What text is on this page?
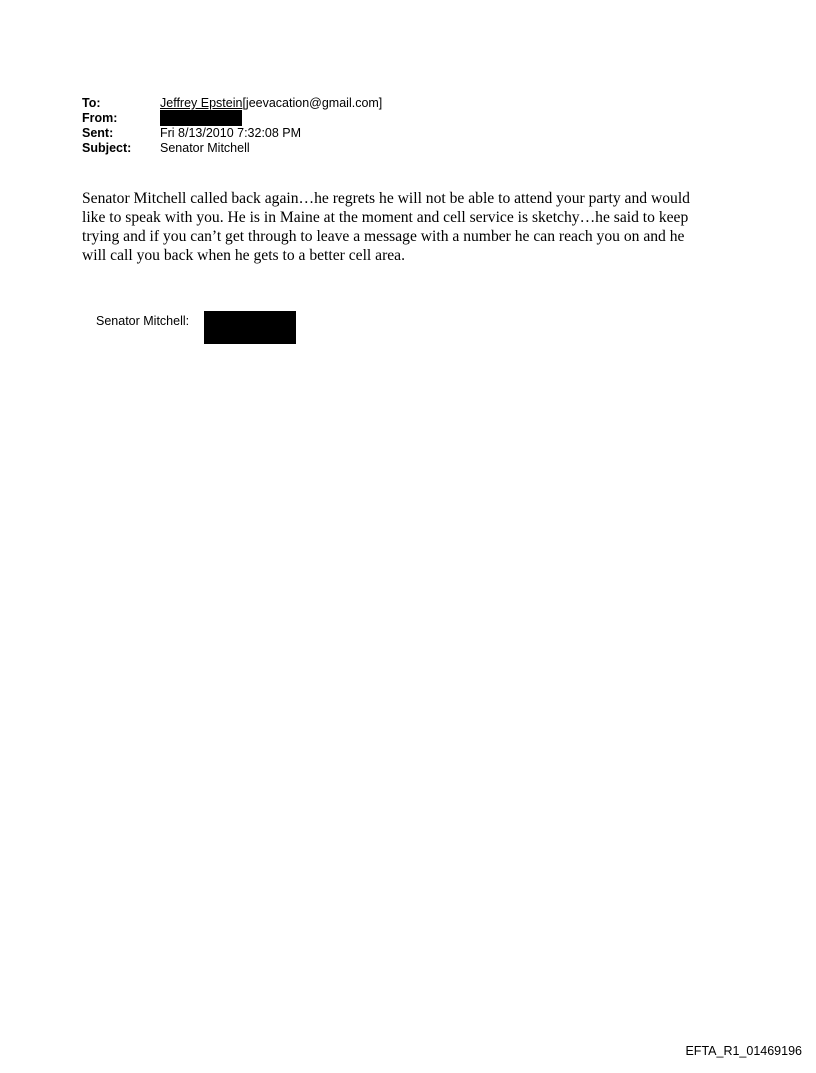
To:	Jeffrey Epstein[jeevacation@gmail.com]
From:
Sent:	Fri 8/13/2010 7:32:08 PM
Subject:	Senator Mitchell

Senator Mitchell called back again…he regrets he will not be able to attend your party and would

like to speak with you. He is in Maine at the moment and cell service is sketchy…he said to keep

trying and if you can’t get through to leave a message with a number he can reach you on and he

will call you back when he gets to a better cell area.

Senator Mitchell:
EFTA_R1_01469196
